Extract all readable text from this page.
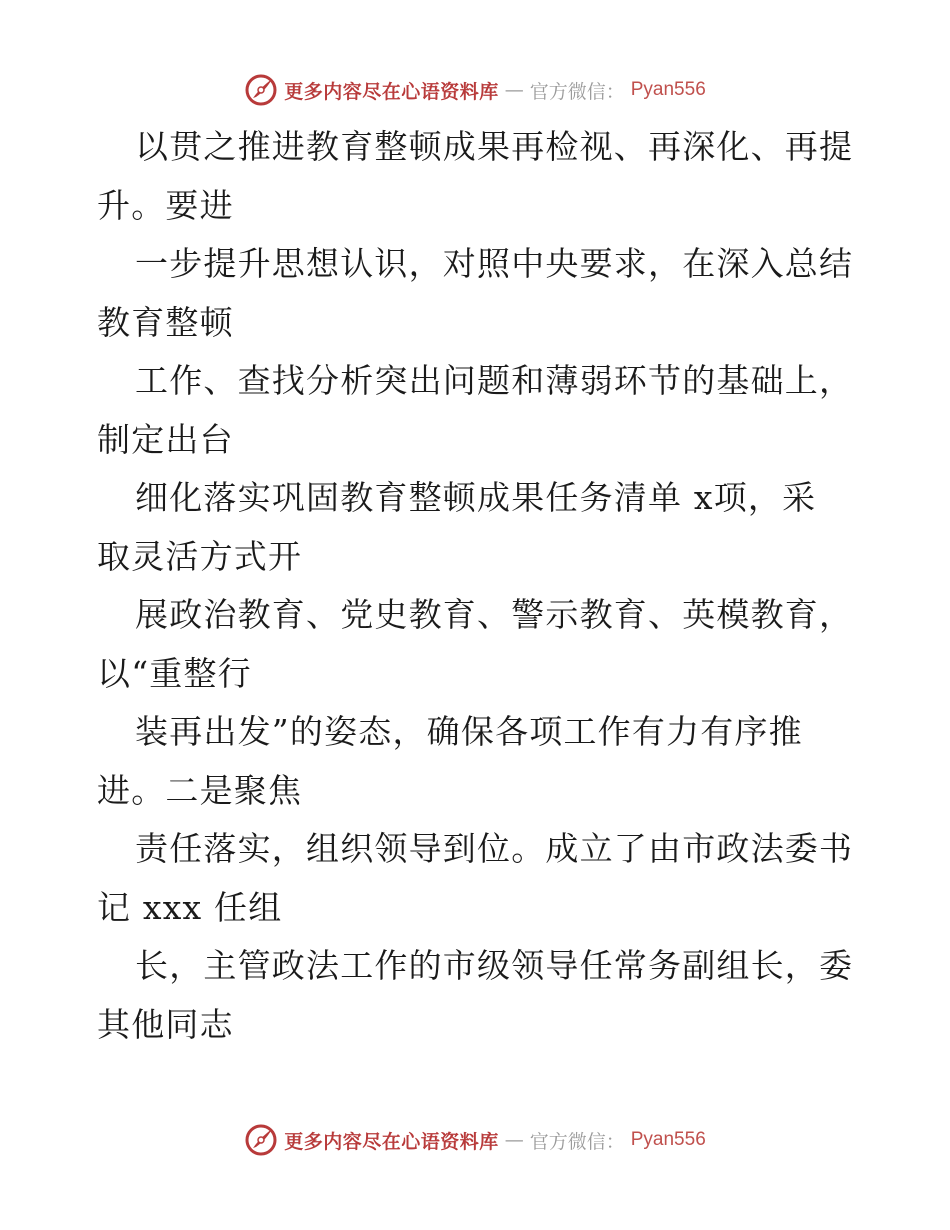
更多内容尽在心语资料库 — 官方微信： Pyan556
以贯之推进教育整顿成果再检视、再深化、再提
升。要进
一步提升思想认识，对照中央要求，在深入总结
教育整顿
工作、查找分析突出问题和薄弱环节的基础上，
制定出台
细化落实巩固教育整顿成果任务清单 x项，采
取灵活方式开
展政治教育、党史教育、警示教育、英模教育，
以“重整行
装再出发”的姿态，确保各项工作有力有序推
进。二是聚焦
责任落实，组织领导到位。成立了由市政法委书
记 xxx 任组
长，主管政法工作的市级领导任常务副组长，委
其他同志
更多内容尽在心语资料库 — 官方微信： Pyan556
